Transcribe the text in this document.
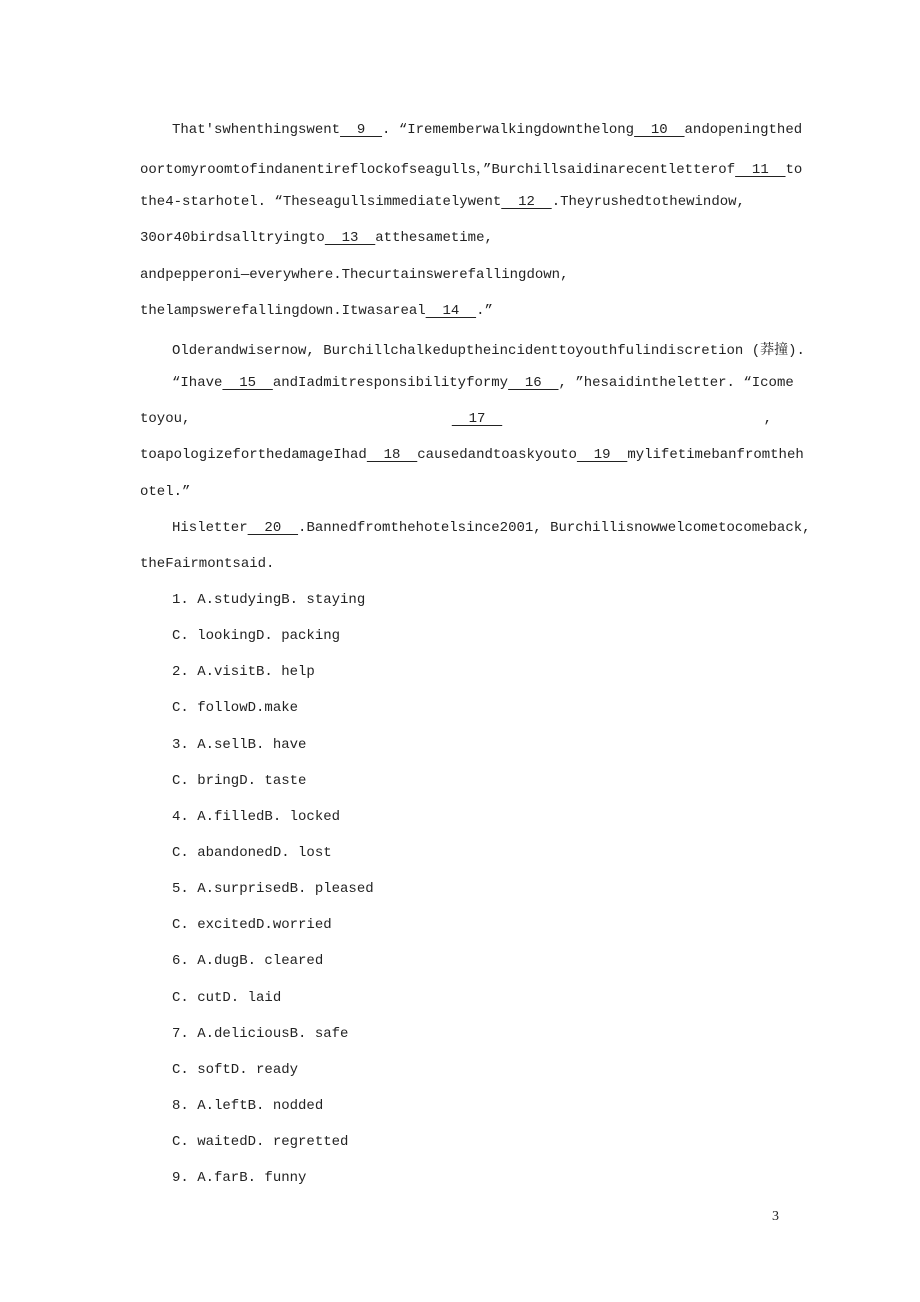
That'swhenthingswent  9  . “Irememberwalkingdownthelong  10  andopeningthed
oortomyroomtofindanentireflockofseagulls，”Burchillsaidinarecentletterof  11  to
the4-starhotel. “Theseagullsimmediatelywent  12  .Theyrushedtothewindow,
30or40birdsalltryingto  13  atthesametime,
andpepperoni—everywhere.Thecurtainswerefallingdown,
thelampswerefallingdown.Itwasareal  14  .”
Olderandwisernow, Burchillchalkeduptheincidenttoyouthfulindiscretion (莽撞).
“Ihave  15  andIadmitresponsibilityformy  16  , ”hesaidintheletter. “Icome
toyou,	17	,
toapologizeforthedamageIhad  18  causedandtoaskyouto  19  mylifetimebanfromtheh
otel.”
Hisletter  20  .Bannedfromthehotelsince2001, Burchillisnowwelcometocomeback,
theFairmontsaid.
1. A.studyingB. staying
C. lookingD. packing
2. A.visitB. help
C. followD.make
3. A.sellB. have
C. bringD. taste
4. A.filledB. locked
C. abandonedD. lost
5. A.surprisedB. pleased
C. excitedD.worried
6. A.dugB. cleared
C. cutD. laid
7. A.deliciousB. safe
C. softD. ready
8. A.leftB. nodded
C. waitedD. regretted
9. A.farB. funny
3
